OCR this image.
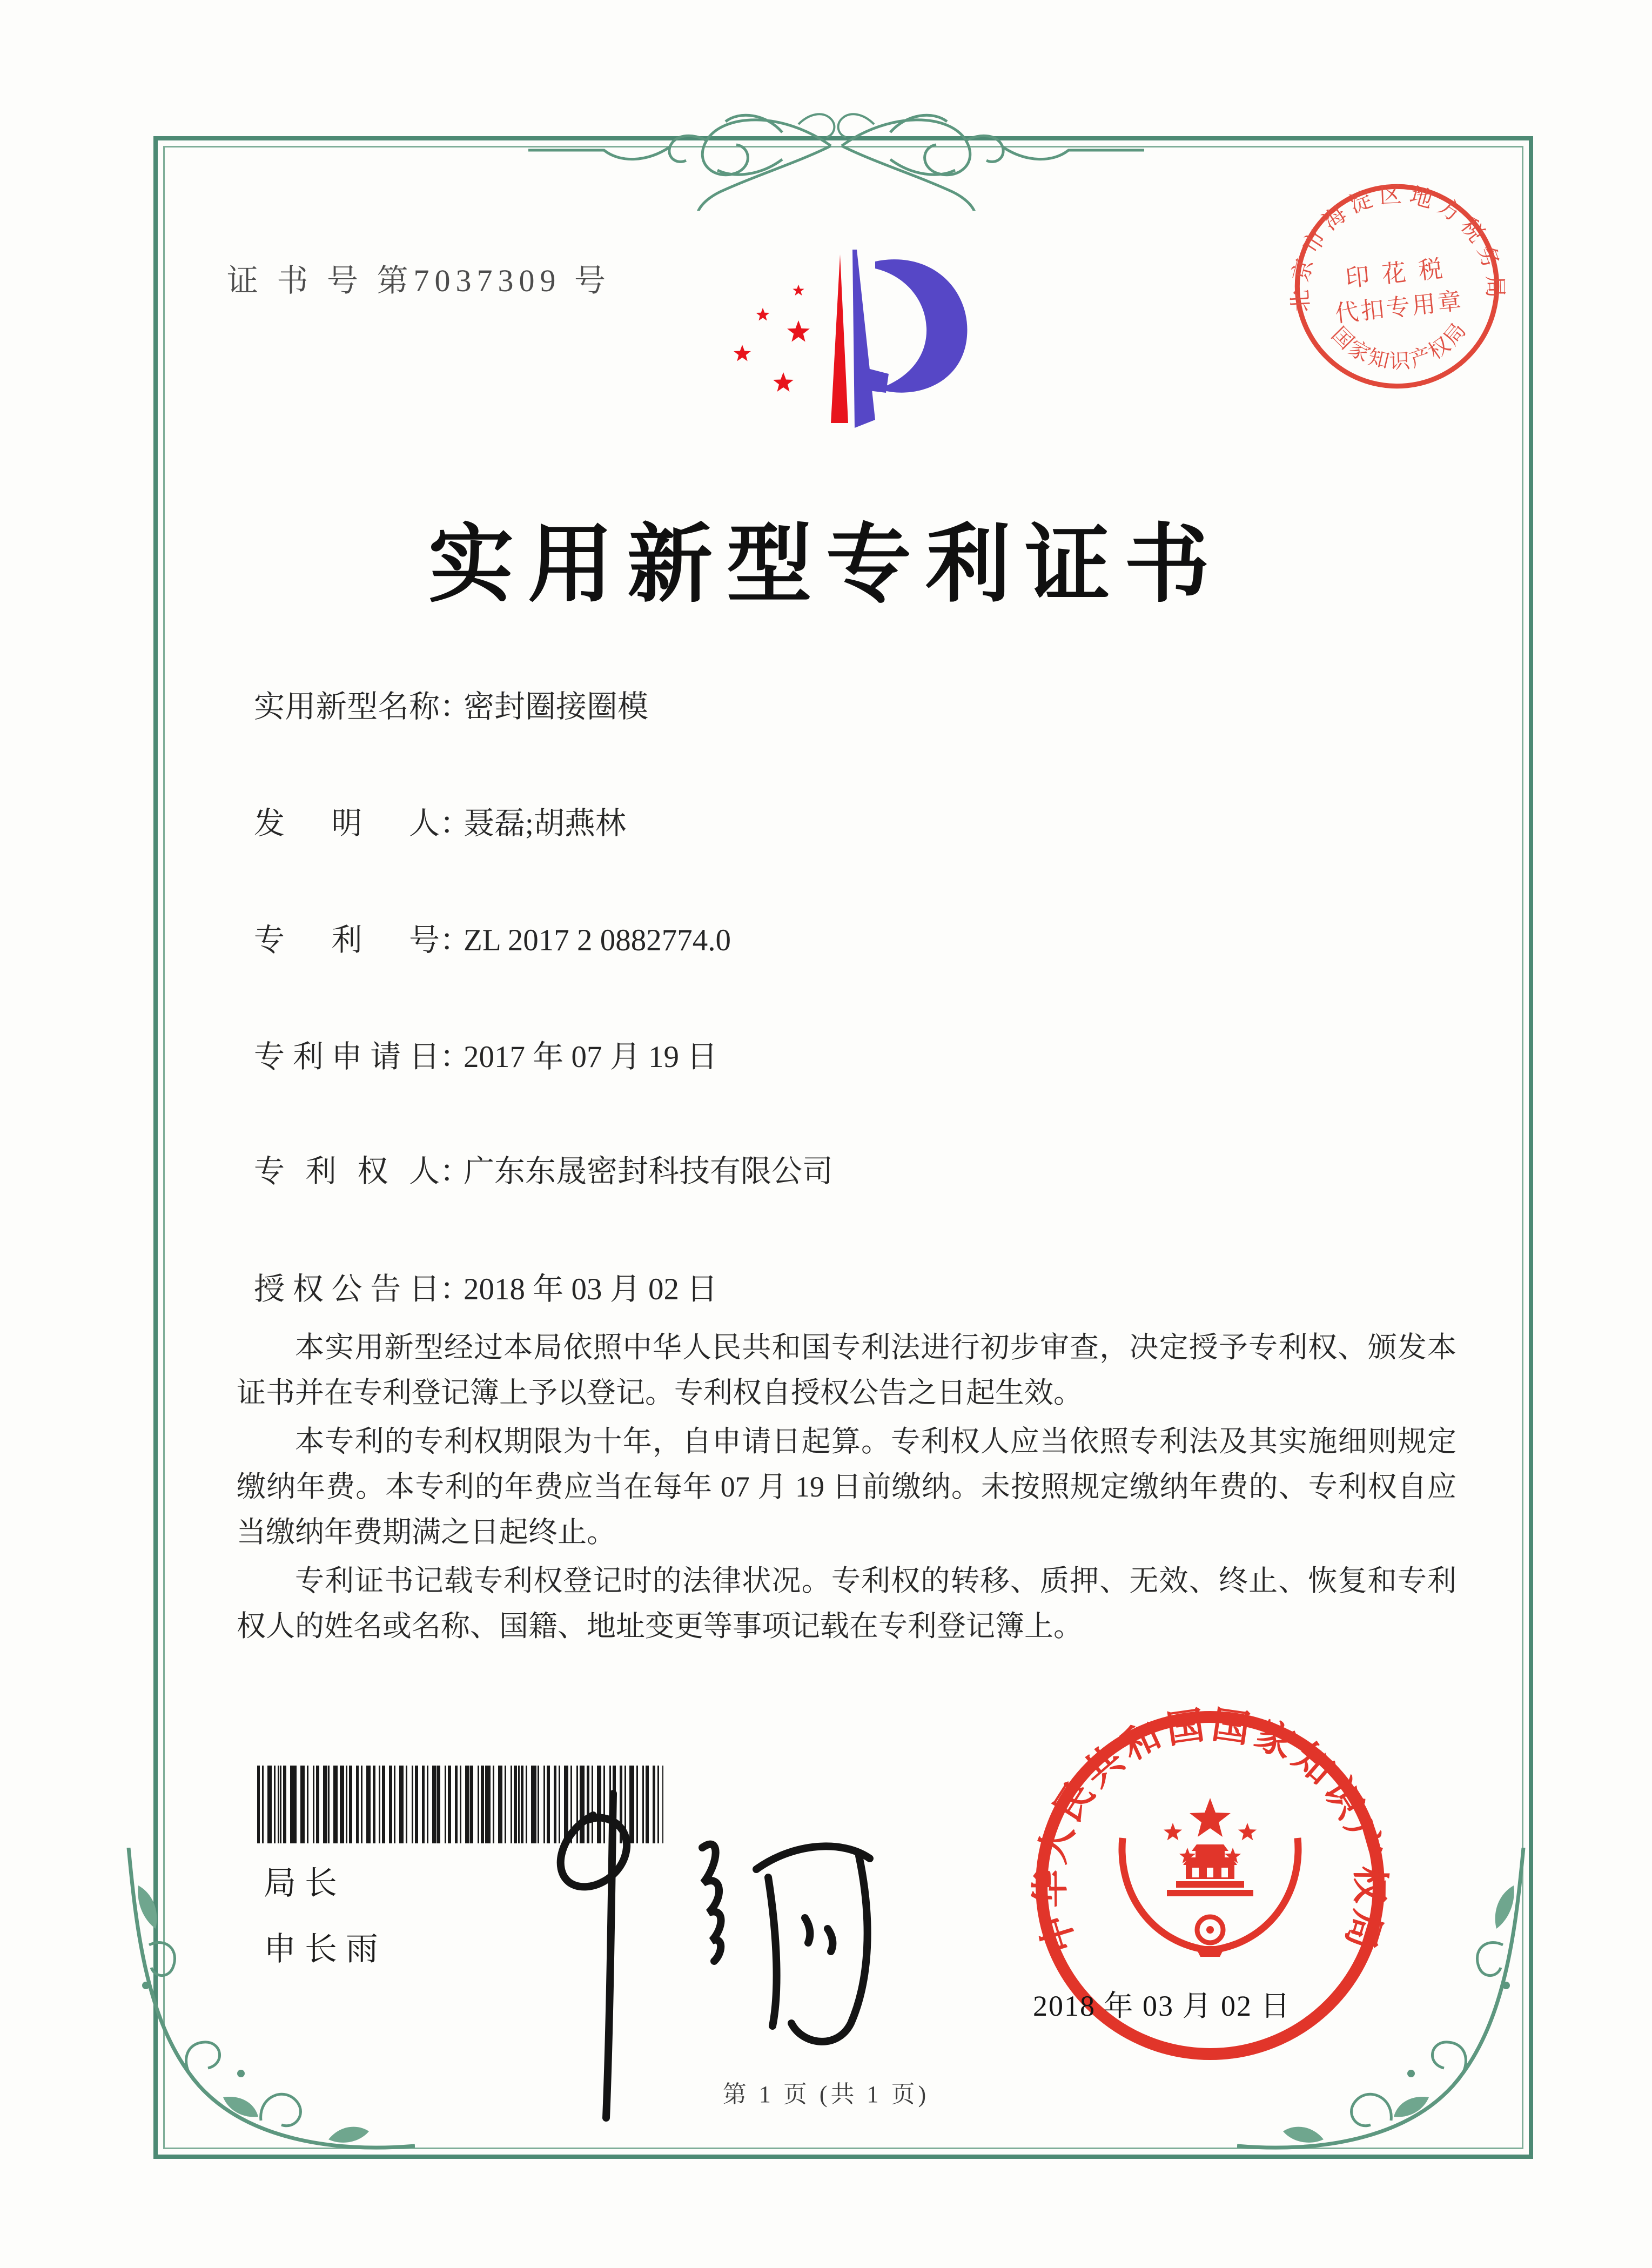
证 书 号 第7037309 号	北京市海淀区地方税务局
国家知识产权局
印 花 税
代扣专用章
实用新型专利证书
实用新型名称：密封圈接圈模
发明人：聂磊;胡燕林
专利号：ZL 2017 2 0882774.0
专利申请日：2017 年 07 月 19 日
专利权人：广东东晟密封科技有限公司
授权公告日：2018 年 03 月 02 日

本实用新型经过本局依照中华人民共和国专利法进行初步审查，决定授予专利权、颁发本证书并在专利登记簿上予以登记。专利权自授权公告之日起生效。

本专利的专利权期限为十年，自申请日起算。专利权人应当依照专利法及其实施细则规定缴纳年费。本专利的年费应当在每年 07 月 19 日前缴纳。未按照规定缴纳年费的、专利权自应当缴纳年费期满之日起终止。

专利证书记载专利权登记时的法律状况。专利权的转移、质押、无效、终止、恢复和专利权人的姓名或名称、国籍、地址变更等事项记载在专利登记簿上。

局长
申长雨	中华人民共和国国家知识产权局
2018 年 03 月 02 日
第 1 页 (共 1 页)
